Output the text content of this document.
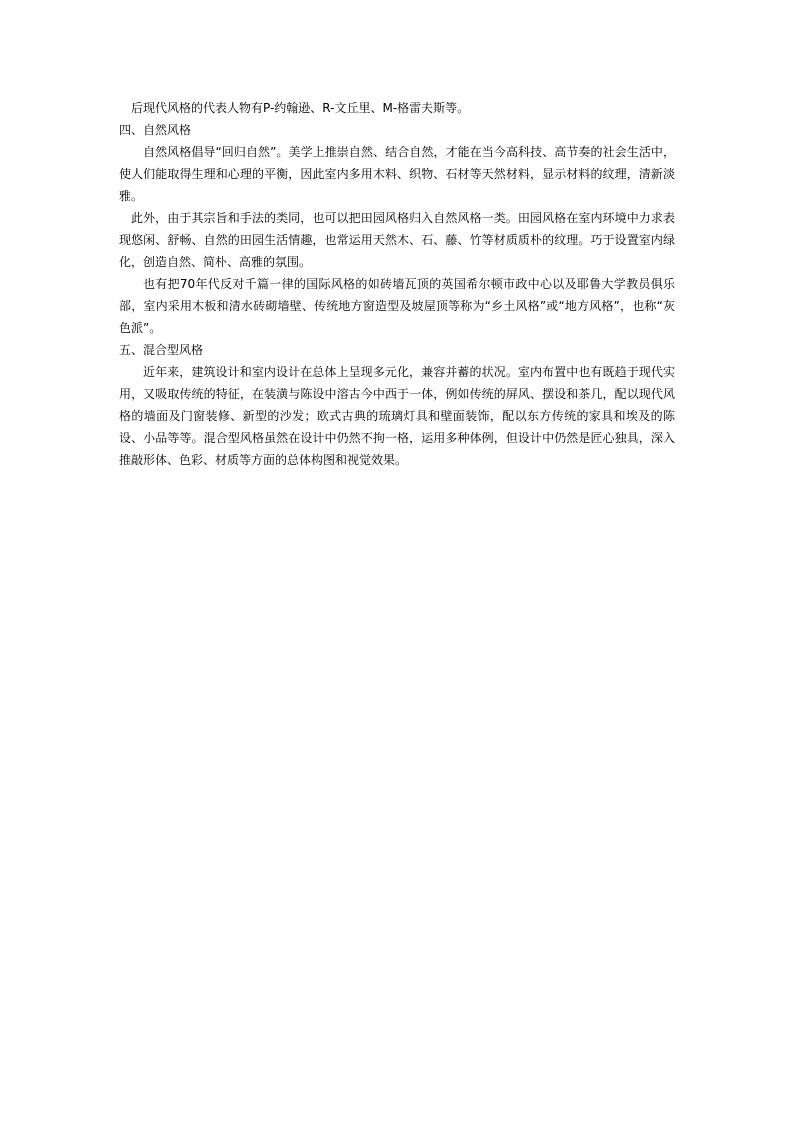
后现代风格的代表人物有P-约翰逊、R-文丘里、M-格雷夫斯等。

四、自然风格

自然风格倡导“回归自然”。美学上推崇自然、结合自然，才能在当今高科技、高节奏的社会生活中，使人们能取得生理和心理的平衡，因此室内多用木料、织物、石材等天然材料，显示材料的纹理，清新淡雅。

此外，由于其宗旨和手法的类同，也可以把田园风格归入自然风格一类。田园风格在室内环境中力求表现悠闲、舒畅、自然的田园生活情趣，也常运用天然木、石、藤、竹等材质质朴的纹理。巧于设置室内绿化，创造自然、简朴、高雅的氛围。

也有把70年代反对千篇一律的国际风格的如砖墙瓦顶的英国希尔顿市政中心以及耶鲁大学教员俱乐部，室内采用木板和清水砖砌墙壁、传统地方窗造型及坡屋顶等称为“乡土风格”或“地方风格”，也称“灰色派”。

五、混合型风格

近年来，建筑设计和室内设计在总体上呈现多元化，兼容并蓄的状况。室内布置中也有既趋于现代实用，又吸取传统的特征，在装潢与陈设中溶古今中西于一体，例如传统的屏风、摆设和茶几，配以现代风格的墙面及门窗装修、新型的沙发；欧式古典的琉璃灯具和壁面装饰，配以东方传统的家具和埃及的陈设、小品等等。混合型风格虽然在设计中仍然不拘一格，运用多种体例，但设计中仍然是匠心独具，深入推敲形体、色彩、材质等方面的总体构图和视觉效果。
